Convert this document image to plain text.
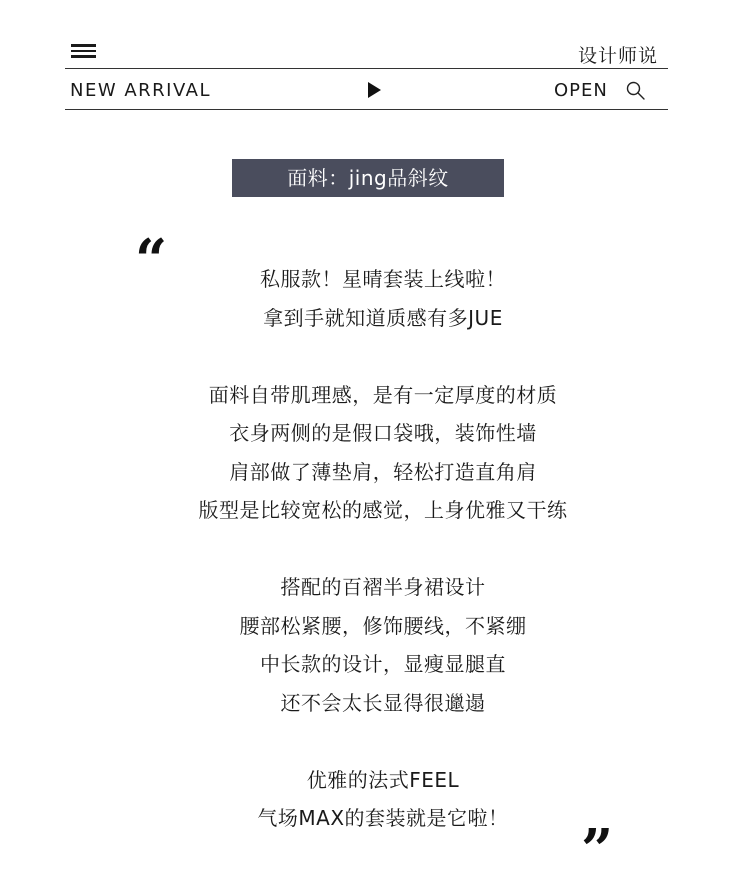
设计师说
NEW ARRIVAL	OPEN
面料：jing品斜纹
“	私服款！星晴套装上线啦！
拿到手就知道质感有多JUE
面料自带肌理感，是有一定厚度的材质
衣身两侧的是假口袋哦，装饰性墙
肩部做了薄垫肩，轻松打造直角肩
版型是比较宽松的感觉，上身优雅又干练
搭配的百褶半身裙设计
腰部松紧腰，修饰腰线，不紧绷
中长款的设计，显瘦显腿直
还不会太长显得很邋遢
优雅的法式FEEL
气场MAX的套装就是它啦！	”
